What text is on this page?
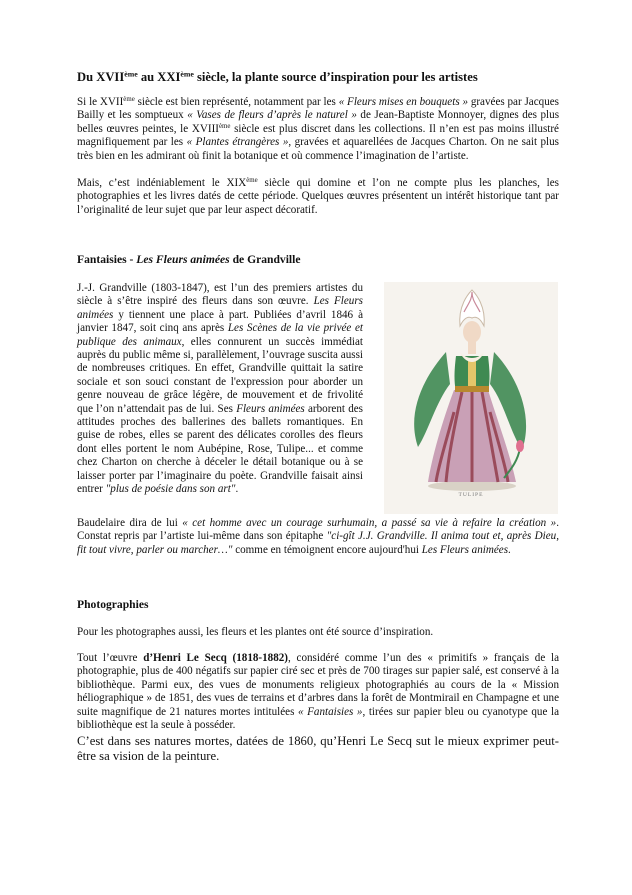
Du XVIIème au XXIème siècle, la plante source d’inspiration pour les artistes

Si le XVIIème siècle est bien représenté, notamment par les « Fleurs mises en bouquets » gravées par Jacques Bailly et les somptueux « Vases de fleurs d’après le naturel » de Jean-Baptiste Monnoyer, dignes des plus belles œuvres peintes, le XVIIIème siècle est plus discret dans les collections. Il n’en est pas moins illustré magnifiquement par les « Plantes étrangères », gravées et aquarellées de Jacques Charton. On ne sait plus très bien en les admirant où finit la botanique et où commence l’imagination de l’artiste.

Mais, c’est indéniablement le XIXème siècle qui domine et l’on ne compte plus les planches, les photographies et les livres datés de cette période. Quelques œuvres présentent un intérêt historique tant par l’originalité de leur sujet que par leur aspect décoratif.

Fantaisies - Les Fleurs animées de Grandville

J.-J. Grandville (1803-1847), est l’un des premiers artistes du siècle à s’être inspiré des fleurs dans son œuvre. Les Fleurs animées y tiennent une place à part. Publiées d’avril 1846 à janvier 1847, soit cinq ans après Les Scènes de la vie privée et publique des animaux, elles connurent un succès immédiat auprès du public même si, parallèlement, l’ouvrage suscita aussi de nombreuses critiques. En effet, Grandville quittait la satire sociale et son souci constant de l'expression pour aborder un genre nouveau de grâce légère, de mouvement et de frivolité que l’on n’attendait pas de lui. Ses Fleurs animées arborent des attitudes proches des ballerines des ballets romantiques. En guise de robes, elles se parent des délicates corolles des fleurs dont elles portent le nom Aubépine, Rose, Tulipe... et comme chez Charton on cherche à déceler le détail botanique ou à se laisser porter par l’imaginaire du poète. Grandville faisait ainsi entrer "plus de poésie dans son art".	TULIPE

Baudelaire dira de lui « cet homme avec un courage surhumain, a passé sa vie à refaire la création ». Constat repris par l’artiste lui-même dans son épitaphe "ci-gît J.J. Grandville. Il anima tout et, après Dieu, fit tout vivre, parler ou marcher…" comme en témoignent encore aujourd'hui Les Fleurs animées.

Photographies

Pour les photographes aussi, les fleurs et les plantes ont été source d’inspiration.

Tout l’œuvre d’Henri Le Secq (1818-1882), considéré comme l’un des « primitifs » français de la photographie, plus de 400 négatifs sur papier ciré sec et près de 700 tirages sur papier salé, est conservé à la bibliothèque. Parmi eux, des vues de monuments religieux photographiés au cours de la « Mission héliographique » de 1851, des vues de terrains et d’arbres dans la forêt de Montmirail en Champagne et une suite magnifique de 21 natures mortes intitulées « Fantaisies », tirées sur papier bleu ou cyanotype que la bibliothèque est la seule à posséder.

C’est dans ses natures mortes, datées de 1860, qu’Henri Le Secq sut le mieux exprimer peut-être sa vision de la peinture.
